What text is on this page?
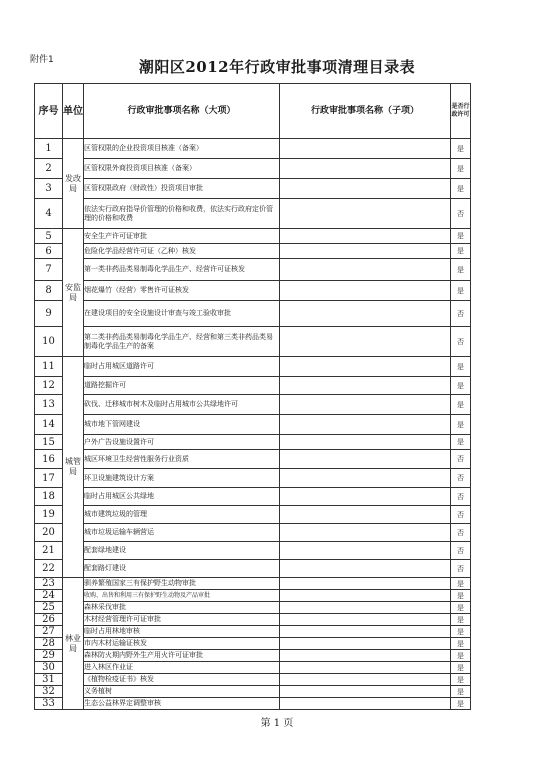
附件1	潮阳区2012年行政审批事项清理目录表
序号	单位	行政审批事项名称（大项）	行政审批事项名称（子项）	是否行政许可
1	发改局	区管权限的企业投资项目核准（备案）		是
2		区管权限外商投资项目核准（备案）		是
3		区管权限政府（财政性）投资项目审批		是
4		依法实行政府指导价管理的价格和收费，依法实行政府定价管理的价格和收费		否
5	安监局	安全生产许可证审批		是
6		危险化学品经营许可证（乙种）核发		是
7		第一类非药品类易制毒化学品生产、经营许可证核发		是
8		烟花爆竹（经营）零售许可证核发		是
9		在建设项目的安全设施设计审查与竣工验收审批		否
10		第二类非药品类易制毒化学品生产、经营和第三类非药品类易制毒化学品生产的备案		否
11	城管局	临时占用城区道路许可		是
12		道路挖掘许可		是
13		砍伐、迁移城市树木及临时占用城市公共绿地许可		是
14		城市地下管网建设		是
15		户外广告设施设置许可		是
16		城区环境卫生经营性服务行业资质		否
17		环卫设施建筑设计方案		否
18		临时占用城区公共绿地		否
19		城市建筑垃圾的管理		否
20		城市垃圾运输车辆营运		否
21		配套绿地建设		否
22		配套路灯建设		否
23	林业局	驯养繁殖国家三有保护野生动物审批		是
24		收购、出售和利用三有保护野生动物及产品审批		是
25		森林采伐审批		是
26		木材经营管理许可证审批		是
27		临时占用林地审核		是
28		市内木材运输证核发		是
29		森林防火期内野外生产用火许可证审批		是
30		进入林区作业证		是
31		《植物检疫证书》核发		是
32		义务植树		是
33		生态公益林界定调整审核		是
第 1 页
